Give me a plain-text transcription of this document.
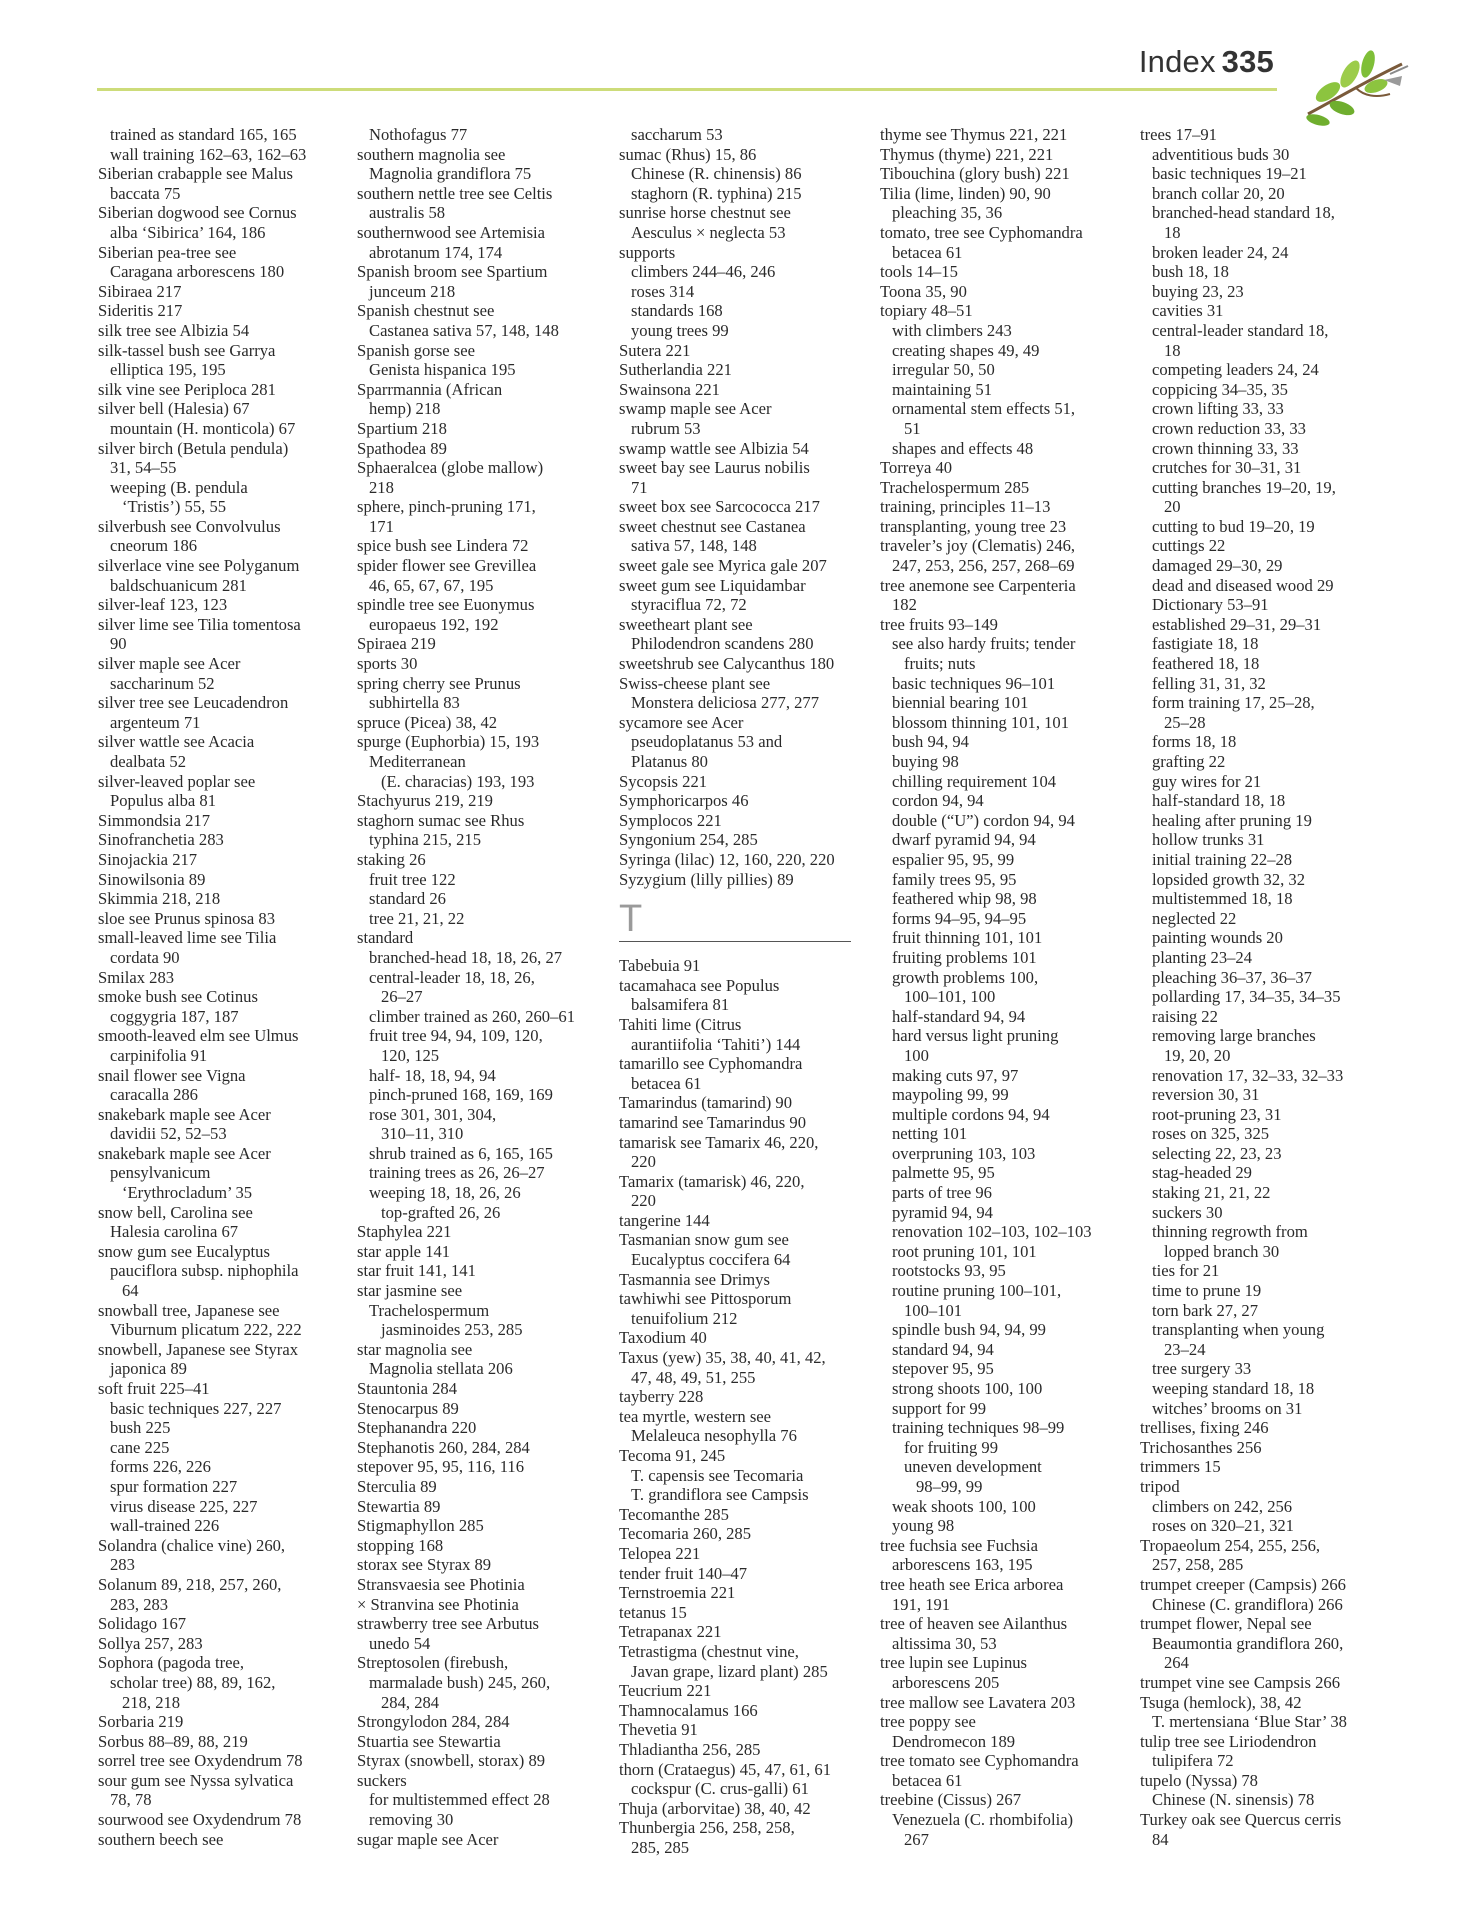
Index 335
trained as standard 165, 165
wall training 162–63, 162–63
Siberian crabapple see Malus
baccata 75
Siberian dogwood see Cornus
alba ‘Sibirica’ 164, 186
Siberian pea-tree see
Caragana arborescens 180
Sibiraea 217
Sideritis 217
silk tree see Albizia 54
silk-tassel bush see Garrya
elliptica 195, 195
silk vine see Periploca 281
silver bell (Halesia) 67
mountain (H. monticola) 67
silver birch (Betula pendula)
31, 54–55
weeping (B. pendula
‘Tristis’) 55, 55
silverbush see Convolvulus
cneorum 186
silverlace vine see Polyganum
baldschuanicum 281
silver-leaf 123, 123
silver lime see Tilia tomentosa
90
silver maple see Acer
saccharinum 52
silver tree see Leucadendron
argenteum 71
silver wattle see Acacia
dealbata 52
silver-leaved poplar see
Populus alba 81
Simmondsia 217
Sinofranchetia 283
Sinojackia 217
Sinowilsonia 89
Skimmia 218, 218
sloe see Prunus spinosa 83
small-leaved lime see Tilia
cordata 90
Smilax 283
smoke bush see Cotinus
coggygria 187, 187
smooth-leaved elm see Ulmus
carpinifolia 91
snail flower see Vigna
caracalla 286
snakebark maple see Acer
davidii 52, 52–53
snakebark maple see Acer
pensylvanicum
‘Erythrocladum’ 35
snow bell, Carolina see
Halesia carolina 67
snow gum see Eucalyptus
pauciflora subsp. niphophila
64
snowball tree, Japanese see
Viburnum plicatum 222, 222
snowbell, Japanese see Styrax
japonica 89
soft fruit 225–41
basic techniques 227, 227
bush 225
cane 225
forms 226, 226
spur formation 227
virus disease 225, 227
wall-trained 226
Solandra (chalice vine) 260,
283
Solanum 89, 218, 257, 260,
283, 283
Solidago 167
Sollya 257, 283
Sophora (pagoda tree,
scholar tree) 88, 89, 162,
218, 218
Sorbaria 219
Sorbus 88–89, 88, 219
sorrel tree see Oxydendrum 78
sour gum see Nyssa sylvatica
78, 78
sourwood see Oxydendrum 78
southern beech see
Nothofagus 77
southern magnolia see
Magnolia grandiflora 75
southern nettle tree see Celtis
australis 58
southernwood see Artemisia
abrotanum 174, 174
Spanish broom see Spartium
junceum 218
Spanish chestnut see
Castanea sativa 57, 148, 148
Spanish gorse see
Genista hispanica 195
Sparrmannia (African
hemp) 218
Spartium 218
Spathodea 89
Sphaeralcea (globe mallow)
218
sphere, pinch-pruning 171,
171
spice bush see Lindera 72
spider flower see Grevillea
46, 65, 67, 67, 195
spindle tree see Euonymus
europaeus 192, 192
Spiraea 219
sports 30
spring cherry see Prunus
subhirtella 83
spruce (Picea) 38, 42
spurge (Euphorbia) 15, 193
Mediterranean
(E. characias) 193, 193
Stachyurus 219, 219
staghorn sumac see Rhus
typhina 215, 215
staking 26
fruit tree 122
standard 26
tree 21, 21, 22
standard
branched-head 18, 18, 26, 27
central-leader 18, 18, 26,
26–27
climber trained as 260, 260–61
fruit tree 94, 94, 109, 120,
120, 125
half- 18, 18, 94, 94
pinch-pruned 168, 169, 169
rose 301, 301, 304,
310–11, 310
shrub trained as 6, 165, 165
training trees as 26, 26–27
weeping 18, 18, 26, 26
top-grafted 26, 26
Staphylea 221
star apple 141
star fruit 141, 141
star jasmine see
Trachelospermum
jasminoides 253, 285
star magnolia see
Magnolia stellata 206
Stauntonia 284
Stenocarpus 89
Stephanandra 220
Stephanotis 260, 284, 284
stepover 95, 95, 116, 116
Sterculia 89
Stewartia 89
Stigmaphyllon 285
stopping 168
storax see Styrax 89
Stransvaesia see Photinia
× Stranvina see Photinia
strawberry tree see Arbutus
unedo 54
Streptosolen (firebush,
marmalade bush) 245, 260,
284, 284
Strongylodon 284, 284
Stuartia see Stewartia
Styrax (snowbell, storax) 89
suckers
for multistemmed effect 28
removing 30
sugar maple see Acer
saccharum 53
sumac (Rhus) 15, 86
Chinese (R. chinensis) 86
staghorn (R. typhina) 215
sunrise horse chestnut see
Aesculus × neglecta 53
supports
climbers 244–46, 246
roses 314
standards 168
young trees 99
Sutera 221
Sutherlandia 221
Swainsona 221
swamp maple see Acer
rubrum 53
swamp wattle see Albizia 54
sweet bay see Laurus nobilis
71
sweet box see Sarcococca 217
sweet chestnut see Castanea
sativa 57, 148, 148
sweet gale see Myrica gale 207
sweet gum see Liquidambar
styraciflua 72, 72
sweetheart plant see
Philodendron scandens 280
sweetshrub see Calycanthus 180
Swiss-cheese plant see
Monstera deliciosa 277, 277
sycamore see Acer
pseudoplatanus 53 and
Platanus 80
Sycopsis 221
Symphoricarpos 46
Symplocos 221
Syngonium 254, 285
Syringa (lilac) 12, 160, 220, 220
Syzygium (lilly pillies) 89
T
Tabebuia 91
tacamahaca see Populus
balsamifera 81
Tahiti lime (Citrus
aurantiifolia ‘Tahiti’) 144
tamarillo see Cyphomandra
betacea 61
Tamarindus (tamarind) 90
tamarind see Tamarindus 90
tamarisk see Tamarix 46, 220,
220
Tamarix (tamarisk) 46, 220,
220
tangerine 144
Tasmanian snow gum see
Eucalyptus coccifera 64
Tasmannia see Drimys
tawhiwhi see Pittosporum
tenuifolium 212
Taxodium 40
Taxus (yew) 35, 38, 40, 41, 42,
47, 48, 49, 51, 255
tayberry 228
tea myrtle, western see
Melaleuca nesophylla 76
Tecoma 91, 245
T. capensis see Tecomaria
T. grandiflora see Campsis
Tecomanthe 285
Tecomaria 260, 285
Telopea 221
tender fruit 140–47
Ternstroemia 221
tetanus 15
Tetrapanax 221
Tetrastigma (chestnut vine,
Javan grape, lizard plant) 285
Teucrium 221
Thamnocalamus 166
Thevetia 91
Thladiantha 256, 285
thorn (Crataegus) 45, 47, 61, 61
cockspur (C. crus-galli) 61
Thuja (arborvitae) 38, 40, 42
Thunbergia 256, 258, 258,
285, 285
thyme see Thymus 221, 221
Thymus (thyme) 221, 221
Tibouchina (glory bush) 221
Tilia (lime, linden) 90, 90
pleaching 35, 36
tomato, tree see Cyphomandra
betacea 61
tools 14–15
Toona 35, 90
topiary 48–51
with climbers 243
creating shapes 49, 49
irregular 50, 50
maintaining 51
ornamental stem effects 51,
51
shapes and effects 48
Torreya 40
Trachelospermum 285
training, principles 11–13
transplanting, young tree 23
traveler’s joy (Clematis) 246,
247, 253, 256, 257, 268–69
tree anemone see Carpenteria
182
tree fruits 93–149
see also hardy fruits; tender
fruits; nuts
basic techniques 96–101
biennial bearing 101
blossom thinning 101, 101
bush 94, 94
buying 98
chilling requirement 104
cordon 94, 94
double (“U”) cordon 94, 94
dwarf pyramid 94, 94
espalier 95, 95, 99
family trees 95, 95
feathered whip 98, 98
forms 94–95, 94–95
fruit thinning 101, 101
fruiting problems 101
growth problems 100,
100–101, 100
half-standard 94, 94
hard versus light pruning
100
making cuts 97, 97
maypoling 99, 99
multiple cordons 94, 94
netting 101
overpruning 103, 103
palmette 95, 95
parts of tree 96
pyramid 94, 94
renovation 102–103, 102–103
root pruning 101, 101
rootstocks 93, 95
routine pruning 100–101,
100–101
spindle bush 94, 94, 99
standard 94, 94
stepover 95, 95
strong shoots 100, 100
support for 99
training techniques 98–99
for fruiting 99
uneven development
98–99, 99
weak shoots 100, 100
young 98
tree fuchsia see Fuchsia
arborescens 163, 195
tree heath see Erica arborea
191, 191
tree of heaven see Ailanthus
altissima 30, 53
tree lupin see Lupinus
arborescens 205
tree mallow see Lavatera 203
tree poppy see
Dendromecon 189
tree tomato see Cyphomandra
betacea 61
treebine (Cissus) 267
Venezuela (C. rhombifolia)
267
trees 17–91
adventitious buds 30
basic techniques 19–21
branch collar 20, 20
branched-head standard 18,
18
broken leader 24, 24
bush 18, 18
buying 23, 23
cavities 31
central-leader standard 18,
18
competing leaders 24, 24
coppicing 34–35, 35
crown lifting 33, 33
crown reduction 33, 33
crown thinning 33, 33
crutches for 30–31, 31
cutting branches 19–20, 19,
20
cutting to bud 19–20, 19
cuttings 22
damaged 29–30, 29
dead and diseased wood 29
Dictionary 53–91
established 29–31, 29–31
fastigiate 18, 18
feathered 18, 18
felling 31, 31, 32
form training 17, 25–28,
25–28
forms 18, 18
grafting 22
guy wires for 21
half-standard 18, 18
healing after pruning 19
hollow trunks 31
initial training 22–28
lopsided growth 32, 32
multistemmed 18, 18
neglected 22
painting wounds 20
planting 23–24
pleaching 36–37, 36–37
pollarding 17, 34–35, 34–35
raising 22
removing large branches
19, 20, 20
renovation 17, 32–33, 32–33
reversion 30, 31
root-pruning 23, 31
roses on 325, 325
selecting 22, 23, 23
stag-headed 29
staking 21, 21, 22
suckers 30
thinning regrowth from
lopped branch 30
ties for 21
time to prune 19
torn bark 27, 27
transplanting when young
23–24
tree surgery 33
weeping standard 18, 18
witches’ brooms on 31
trellises, fixing 246
Trichosanthes 256
trimmers 15
tripod
climbers on 242, 256
roses on 320–21, 321
Tropaeolum 254, 255, 256,
257, 258, 285
trumpet creeper (Campsis) 266
Chinese (C. grandiflora) 266
trumpet flower, Nepal see
Beaumontia grandiflora 260,
264
trumpet vine see Campsis 266
Tsuga (hemlock), 38, 42
T. mertensiana ‘Blue Star’ 38
tulip tree see Liriodendron
tulipifera 72
tupelo (Nyssa) 78
Chinese (N. sinensis) 78
Turkey oak see Quercus cerris
84
